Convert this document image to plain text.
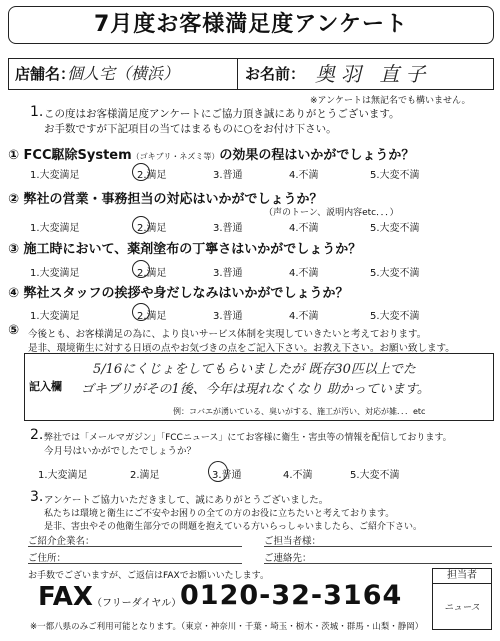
7月度お客様満足度アンケート
店舗名：
個人宅（横浜）	お名前： 奥羽 直子
※アンケートは無記名でも構いません。
1. この度はお客様満足度アンケートにご協力頂き誠にありがとうございます。
お手数ですが下記項目の当てはまるものに○をお付け下さい。
① FCC駆除System（ゴキブリ・ネズミ等）の効果の程はいかがでしょうか？
1.大変満足	2.満足	3.普通	4.不満	5.大変不満
② 弊社の営業・事務担当の対応はいかがでしょうか？
（声のトーン、説明内容etc．．．）
1.大変満足	2.満足	3.普通	4.不満	5.大変不満
③ 施工時において、薬剤塗布の丁寧さはいかがでしょうか？
1.大変満足	2.満足	3.普通	4.不満	5.大変不満
④ 弊社スタッフの挨拶や身だしなみはいかがでしょうか？
1.大変満足	2.満足	3.普通	4.不満	5.大変不満
⑤ 今後とも、お客様満足の為に、より良いサービス体制を実現していきたいと考えております。
是非、環境衛生に対する日頃の点やお気づきの点をご記入下さい。お教え下さい。お願い致します。
記入欄
5/16にくじょをしてもらいましたが 既存30匹以上でた
ゴキブリがその1後、今年は現れなくなり 助かっています。
例：コバエが湧いている、臭いがする、施工が汚い、対応が雑．．．etc
2. 弊社では「メールマガジン」「FCCニュース」にてお客様に衛生・害虫等の情報を配信しております。
今月号はいかがでしたでしょうか？
1.大変満足	2.満足	3.普通	4.不満	5.大変不満
3. アンケートご協力いただきまして、誠にありがとうございました。
私たちは環境と衛生にご不安やお困りの全ての方のお役に立ちたいと考えております。
是非、害虫やその他衛生部分での問題を抱えている方いらっしゃいましたら、ご紹介下さい。
ご紹介企業名：	ご担当者様：
ご住所：	ご連絡先：
お手数でございますが、ご返信はFAXでお願いいたします。
FAX （フリーダイヤル）
0120-32-3164
※一都八県のみご利用可能となります。（東京・神奈川・千葉・埼玉・栃木・茨城・群馬・山梨・静岡）
担当者
ニュース
